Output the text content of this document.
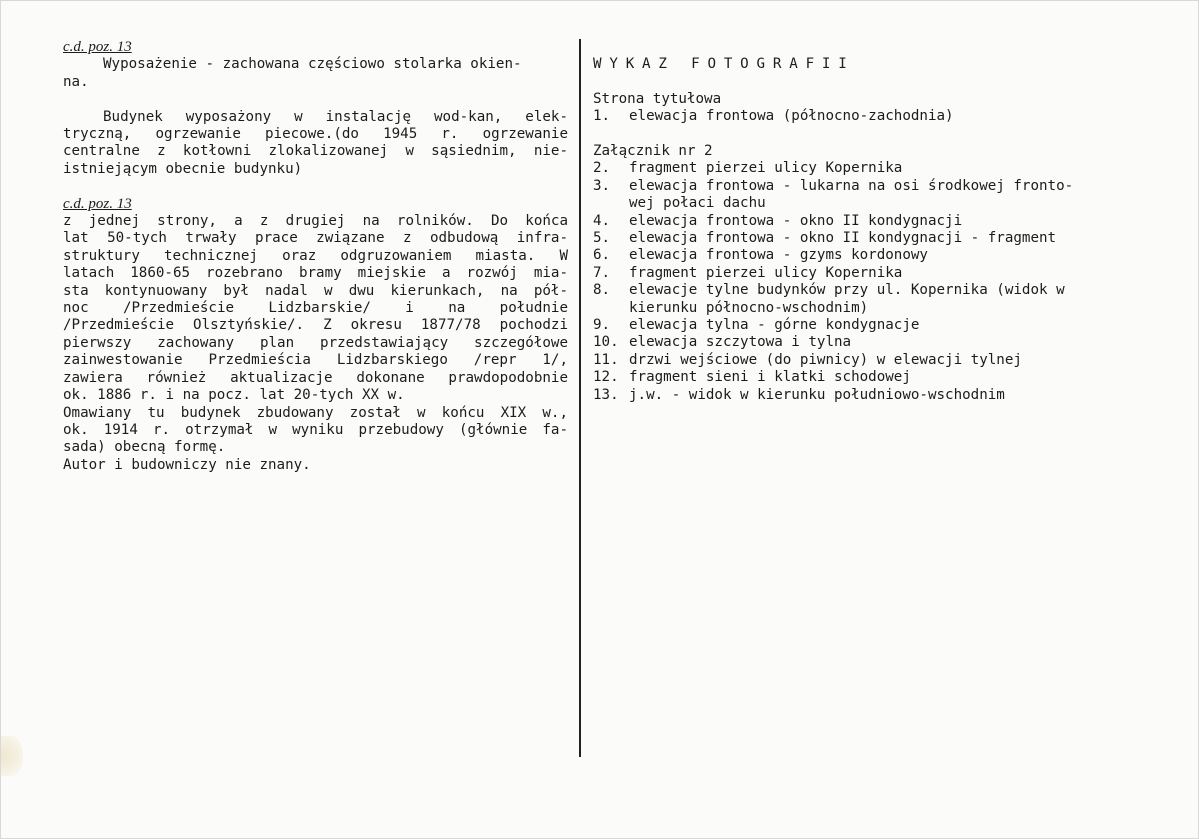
c.d. poz. 13
Wyposażenie - zachowana częściowo stolarka okien-
na.
Budynek wyposażony w instalację wod-kan, elek-
tryczną, ogrzewanie piecowe.(do 1945 r. ogrzewanie
centralne z kotłowni zlokalizowanej w sąsiednim, nie-
istniejącym obecnie budynku)
c.d. poz. 13
z jednej strony, a z drugiej na rolników. Do końca
lat 50-tych trwały prace związane z odbudową infra-
struktury technicznej oraz odgruzowaniem miasta. W
latach 1860-65 rozebrano bramy miejskie a rozwój mia-
sta kontynuowany był nadal w dwu kierunkach, na pół-
noc /Przedmieście Lidzbarskie/ i na południe
/Przedmieście Olsztyńskie/. Z okresu 1877/78 pochodzi
pierwszy zachowany plan przedstawiający szczegółowe
zainwestowanie Przedmieścia Lidzbarskiego /repr 1/,
zawiera również aktualizacje dokonane prawdopodobnie
ok. 1886 r. i na pocz. lat 20-tych XX w.
Omawiany tu budynek zbudowany został w końcu XIX w.,
ok. 1914 r. otrzymał w wyniku przebudowy (głównie fa-
sada) obecną formę.
Autor i budowniczy nie znany.
WYKAZ FOTOGRAFII
Strona tytułowa
1.	elewacja frontowa (północno-zachodnia)
Załącznik nr 2
2.	fragment pierzei ulicy Kopernika
3.	elewacja frontowa - lukarna na osi środkowej fronto-
wej połaci dachu
4.	elewacja frontowa - okno II kondygnacji
5.	elewacja frontowa - okno II kondygnacji - fragment
6.	elewacja frontowa - gzyms kordonowy
7.	fragment pierzei ulicy Kopernika
8.	elewacje tylne budynków przy ul. Kopernika (widok w
kierunku północno-wschodnim)
9.	elewacja tylna - górne kondygnacje
10. elewacja szczytowa i tylna
11. drzwi wejściowe (do piwnicy) w elewacji tylnej
12. fragment sieni i klatki schodowej
13. j.w. - widok w kierunku południowo-wschodnim
